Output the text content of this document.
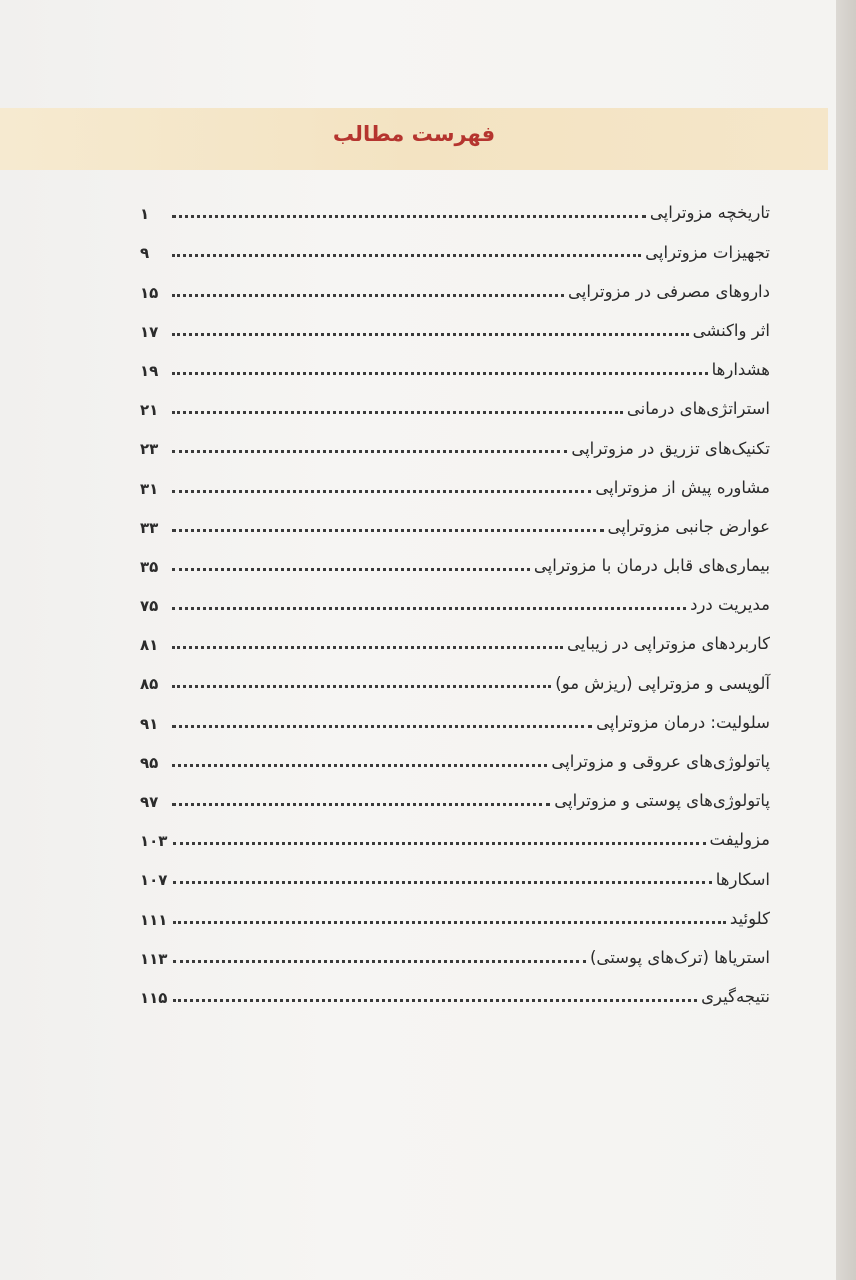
فهرست مطالب
تاریخچه مزوتراپی
۱
تجهیزات مزوتراپی
۹
داروهای مصرفی در مزوتراپی
۱۵
اثر واکنشی
۱۷
هشدارها
۱۹
استراتژی‌های درمانی
۲۱
تکنیک‌های تزریق در مزوتراپی
۲۳
مشاوره پیش از مزوتراپی
۳۱
عوارض جانبی مزوتراپی
۳۳
بیماری‌های قابل درمان با مزوتراپی
۳۵
مدیریت درد
۷۵
کاربردهای مزوتراپی در زیبایی
۸۱
آلوپسی و مزوتراپی (ریزش مو)
۸۵
سلولیت: درمان مزوتراپی
۹۱
پاتولوژی‌های عروقی و مزوتراپی
۹۵
پاتولوژی‌های پوستی و مزوتراپی
۹۷
مزولیفت
۱۰۳
اسکارها
۱۰۷
کلوئید
۱۱۱
استریاها (ترک‌های پوستی)
۱۱۳
نتیجه‌گیری
۱۱۵
